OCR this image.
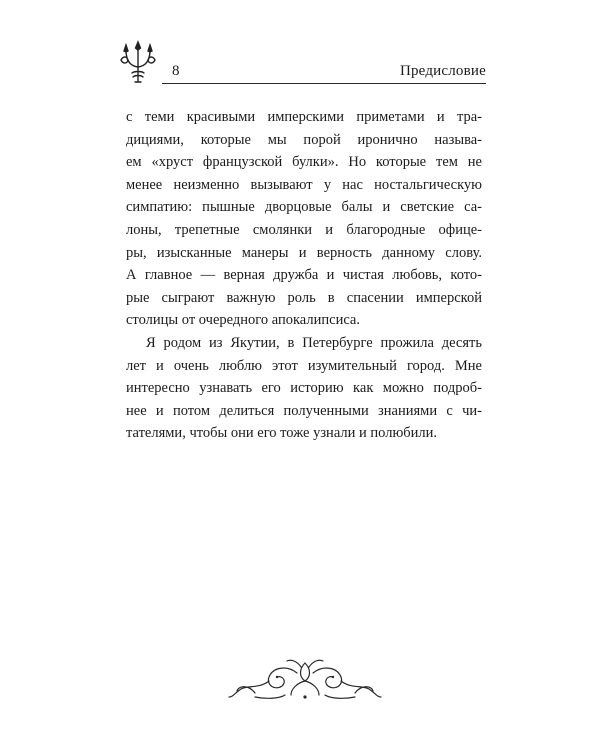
8	Предисловие
с теми красивыми имперскими приметами и тра-
дициями, которые мы порой иронично называ-
ем «хруст французской булки». Но которые тем не
менее неизменно вызывают у нас ностальгическую
симпатию: пышные дворцовые балы и светские са-
лоны, трепетные смолянки и благородные офице-
ры, изысканные манеры и верность данному слову.
А главное — верная дружба и чистая любовь, кото-
рые сыграют важную роль в спасении имперской
столицы от очередного апокалипсиса.
Я родом из Якутии, в Петербурге прожила десять
лет и очень люблю этот изумительный город. Мне
интересно узнавать его историю как можно подроб-
нее и потом делиться полученными знаниями с чи-
тателями, чтобы они его тоже узнали и полюбили.
